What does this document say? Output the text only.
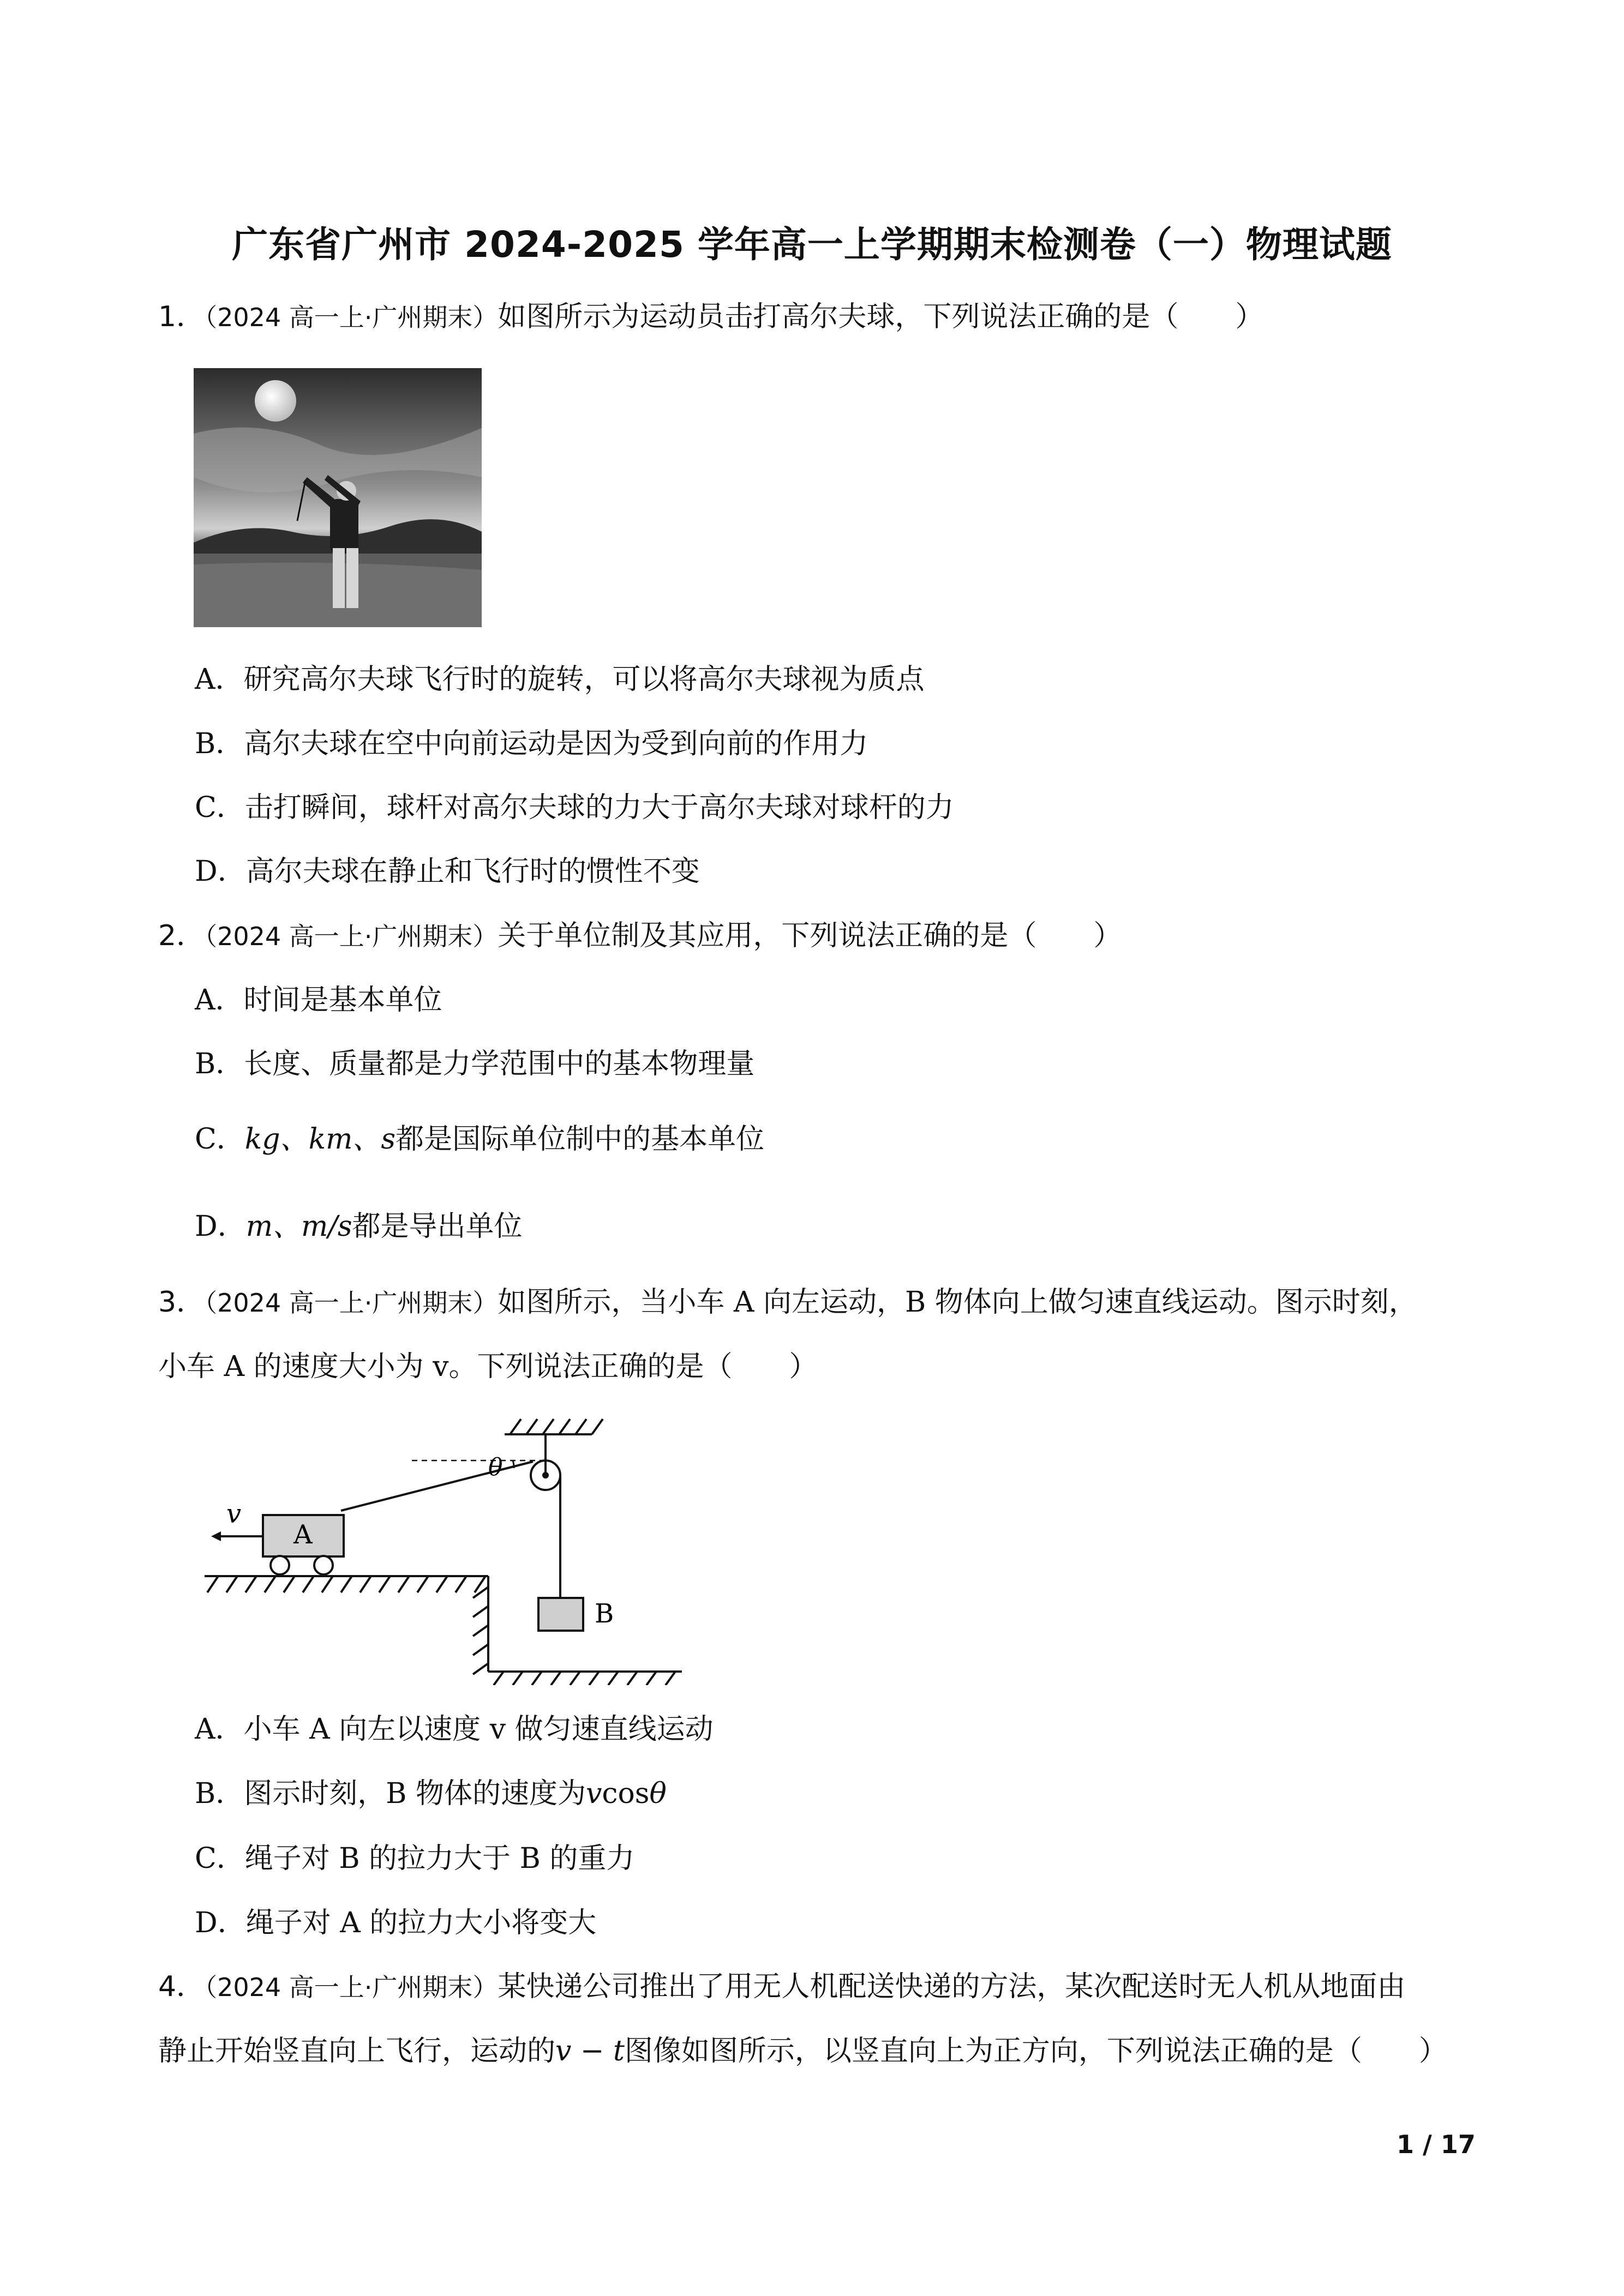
广东省广州市 2024-2025 学年高一上学期期末检测卷（一）物理试题
1．（2024 高一上·广州期末）如图所示为运动员击打高尔夫球，下列说法正确的是（　　）
A．研究高尔夫球飞行时的旋转，可以将高尔夫球视为质点
B．高尔夫球在空中向前运动是因为受到向前的作用力
C．击打瞬间，球杆对高尔夫球的力大于高尔夫球对球杆的力
D．高尔夫球在静止和飞行时的惯性不变
2．（2024 高一上·广州期末）关于单位制及其应用，下列说法正确的是（　　）
A．时间是基本单位
B．长度、质量都是力学范围中的基本物理量
C．kg、km、s都是国际单位制中的基本单位
D．m、m/s都是导出单位
3．（2024 高一上·广州期末）如图所示，当小车 A 向左运动，B 物体向上做匀速直线运动。图示时刻，
小车 A 的速度大小为 v。下列说法正确的是（　　）
A
B
v
θ
A．小车 A 向左以速度 v 做匀速直线运动
B．图示时刻，B 物体的速度为vcosθ
C．绳子对 B 的拉力大于 B 的重力
D．绳子对 A 的拉力大小将变大
4．（2024 高一上·广州期末）某快递公司推出了用无人机配送快递的方法，某次配送时无人机从地面由
静止开始竖直向上飞行，运动的v − t图像如图所示，以竖直向上为正方向，下列说法正确的是（　　）
1 / 17
